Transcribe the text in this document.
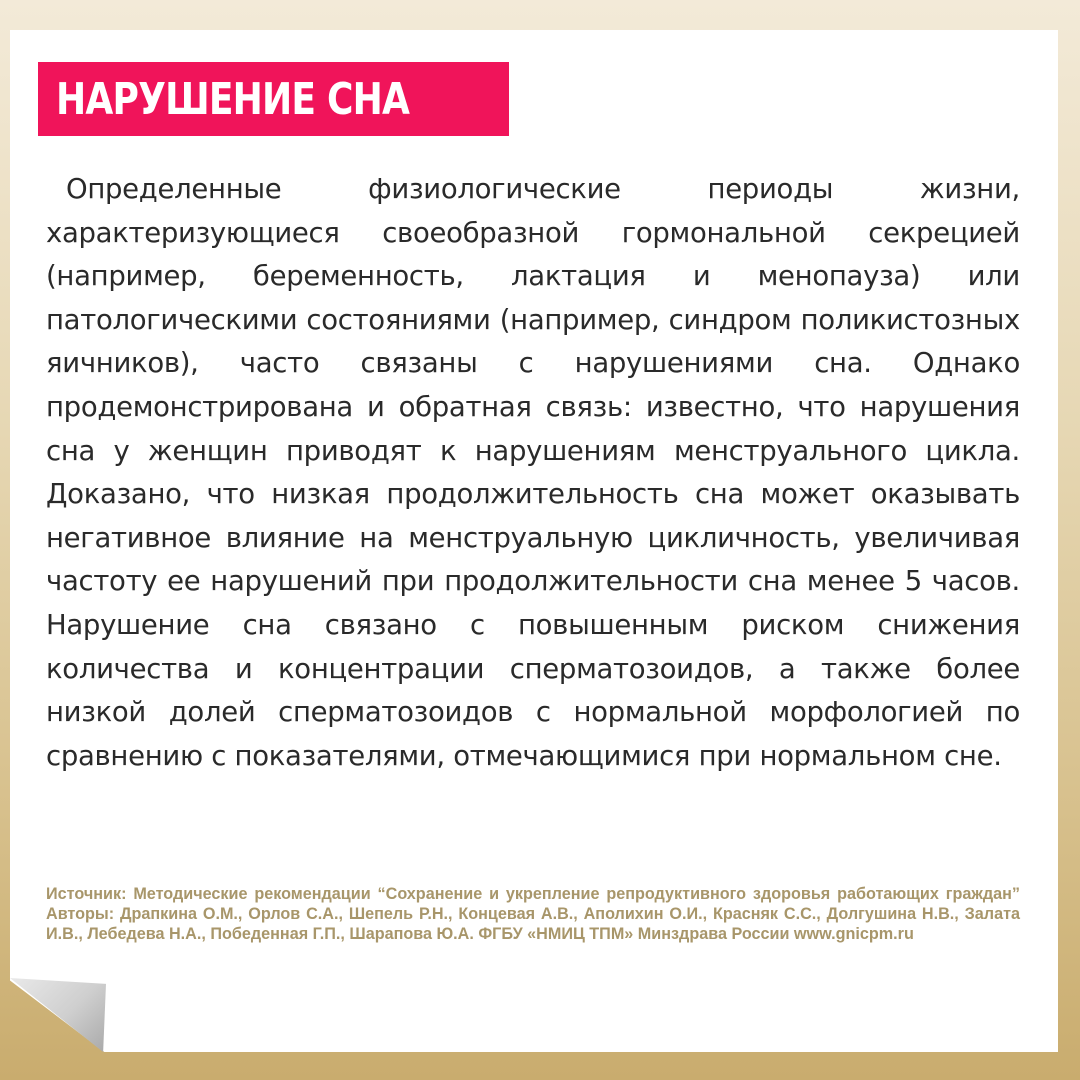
НАРУШЕНИЕ СНА

Определенные физиологические периоды жизни, характеризующиеся своеобразной гормональной секрецией (например, беременность, лактация и менопауза) или патологическими состояниями (например, синдром поликистозных яичников), часто связаны с нарушениями сна. Однако продемонстрирована и обратная связь: известно, что нарушения сна у женщин приводят к нарушениям менструального цикла. Доказано, что низкая продолжительность сна может оказывать негативное влияние на менструальную цикличность, увеличивая частоту ее нарушений при продолжительности сна менее 5 часов. Нарушение сна связано с повышенным риском снижения количества и концентрации сперматозоидов, а также более низкой долей сперматозоидов с нормальной морфологией по сравнению с показателями, отмечающимися при нормальном сне.

Источник: Методические рекомендации “Сохранение и укрепление репродуктивного здоровья работающих граждан” Авторы: Драпкина О.М., Орлов С.А., Шепель Р.Н., Концевая А.В., Аполихин О.И., Красняк С.С., Долгушина Н.В., Залата И.В., Лебедева Н.А., Победенная Г.П., Шарапова Ю.А. ФГБУ «НМИЦ ТПМ» Минздрава России www.gnicpm.ru
